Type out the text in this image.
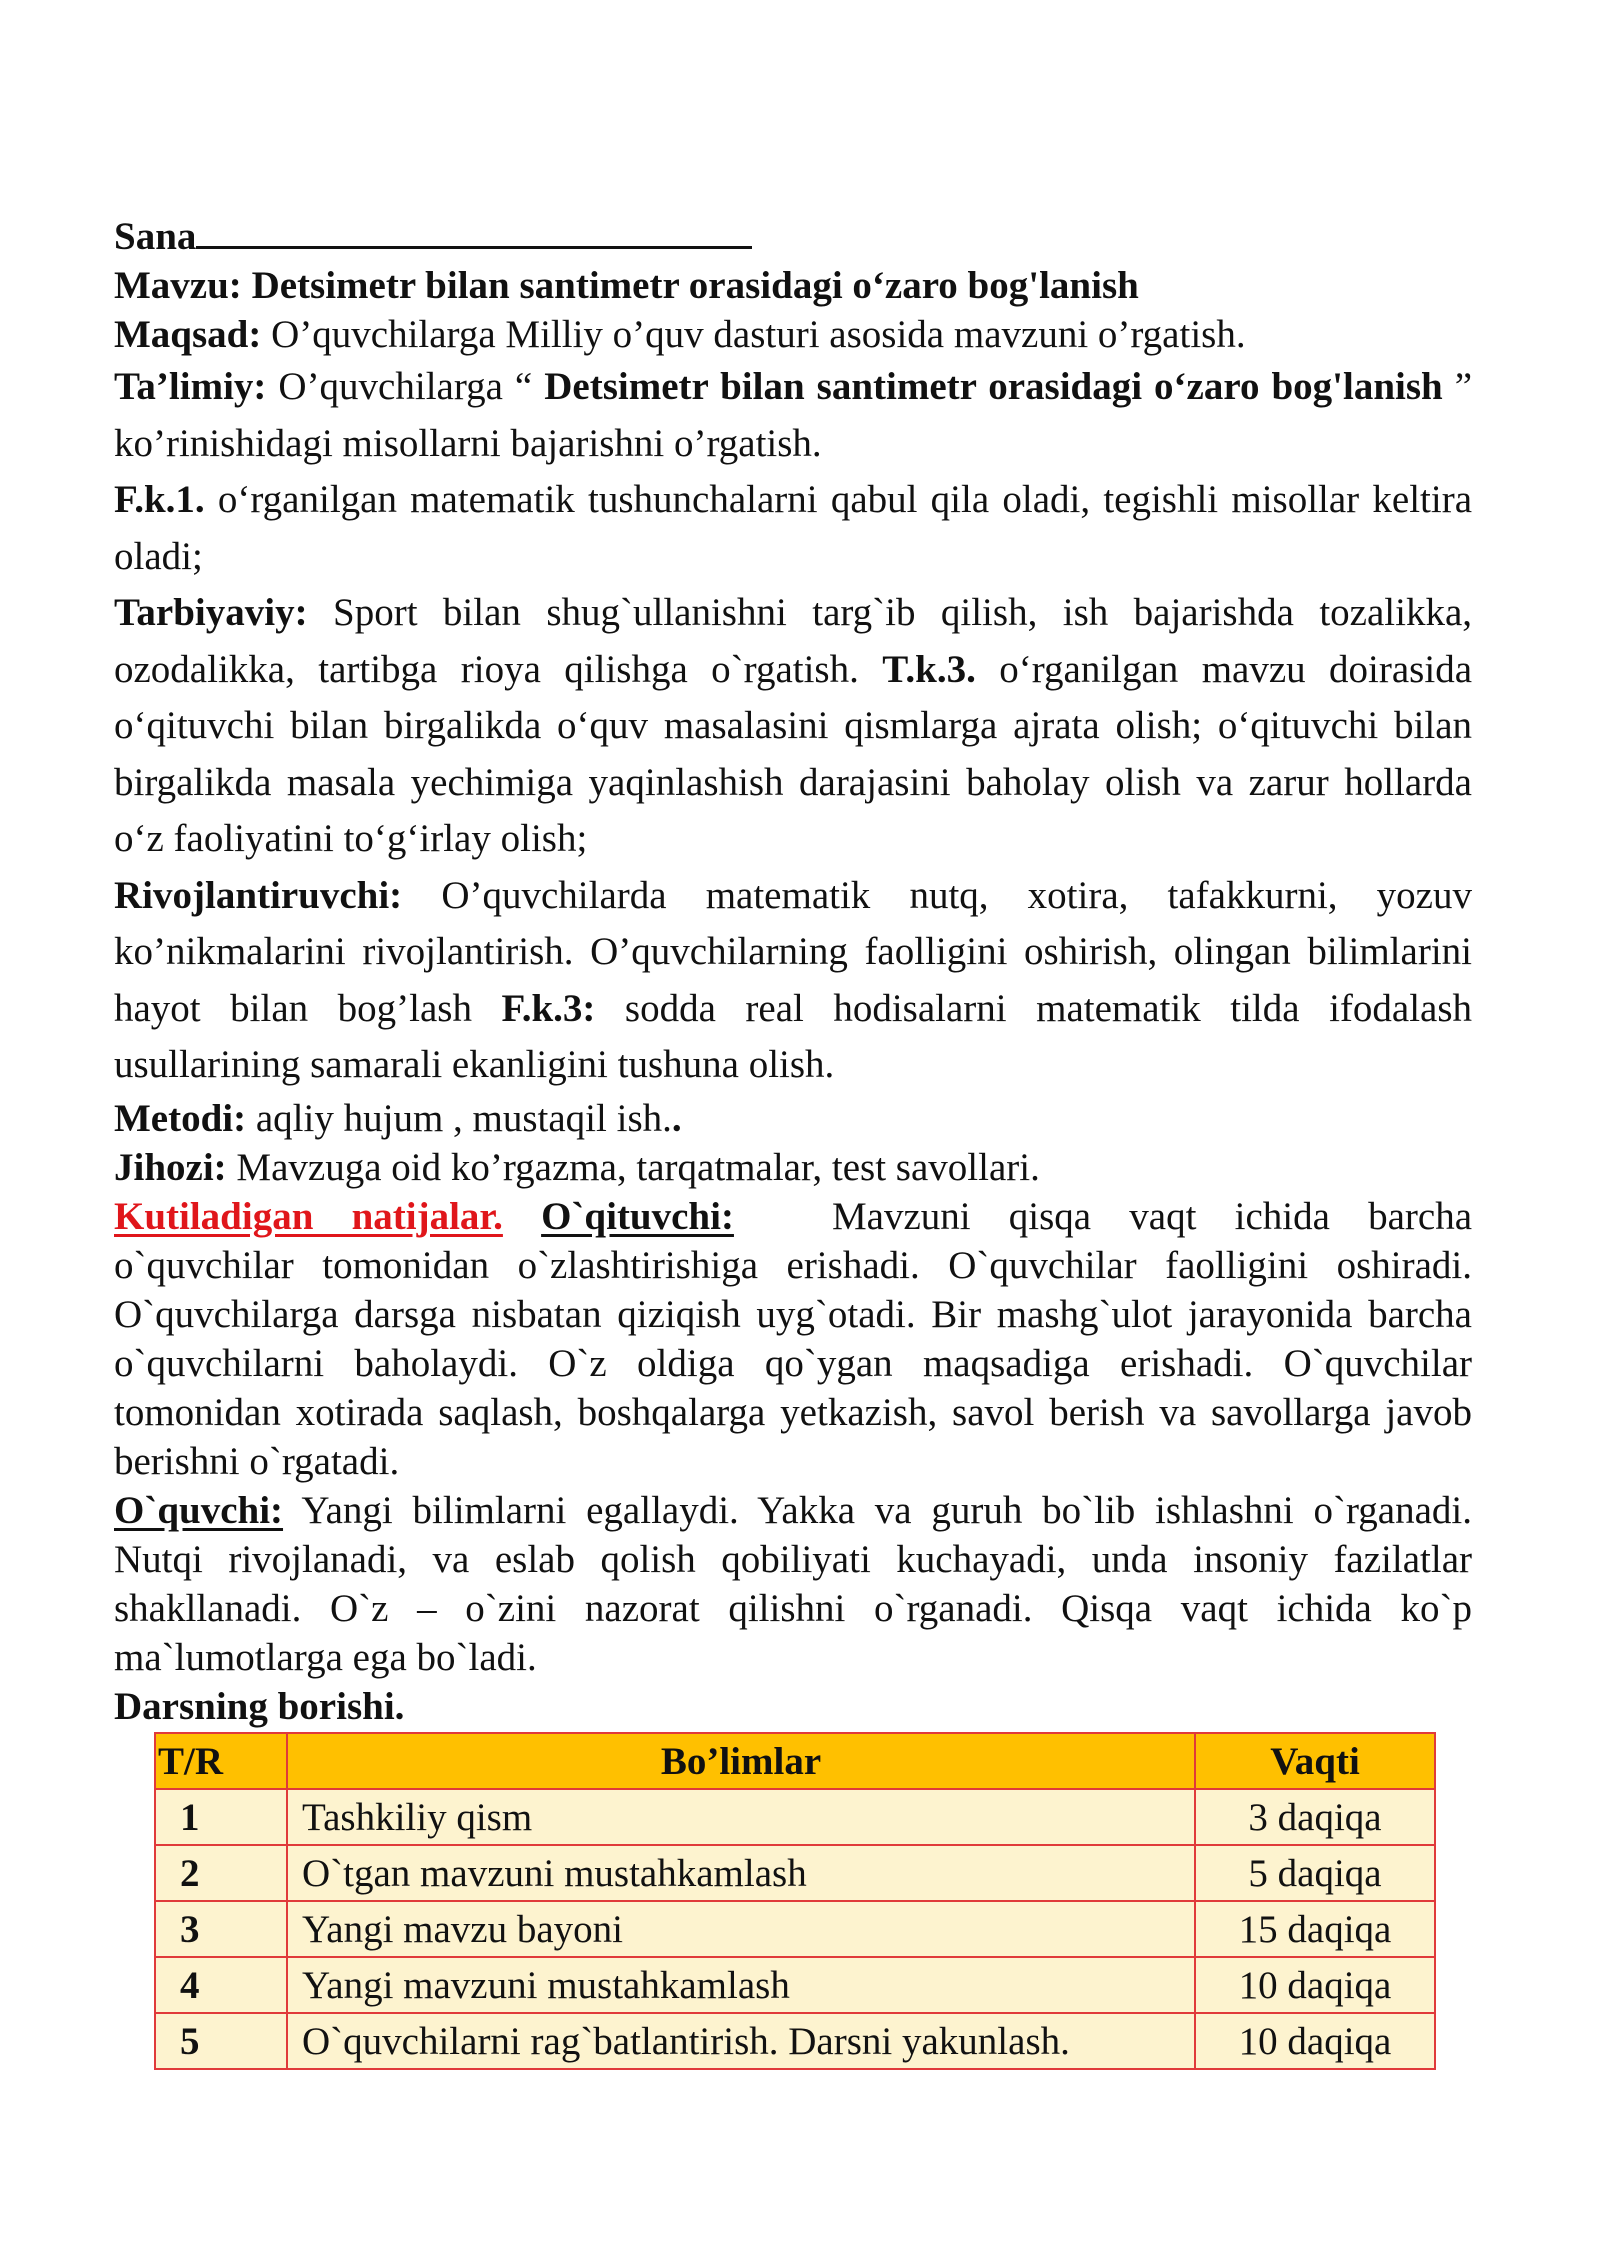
Sana

Mavzu: Detsimetr bilan santimetr orasidagi o‘zaro bog'lanish

Maqsad: O’quvchilarga Milliy o’quv dasturi asosida mavzuni o’rgatish.

Ta’limiy: O’quvchilarga “ Detsimetr bilan santimetr orasidagi o‘zaro bog'lanish ” ko’rinishidagi misollarni bajarishni o’rgatish.

F.k.1. o‘rganilgan matematik tushunchalarni qabul qila oladi, tegishli misollar keltira oladi;

Tarbiyaviy: Sport bilan shug`ullanishni targ`ib qilish, ish bajarishda tozalikka, ozodalikka, tartibga rioya qilishga o`rgatish. T.k.3. o‘rganilgan mavzu doirasida o‘qituvchi bilan birgalikda o‘quv masalasini qismlarga ajrata olish; o‘qituvchi bilan birgalikda masala yechimiga yaqinlashish darajasini baholay olish va zarur hollarda o‘z faoliyatini to‘g‘irlay olish;

Rivojlantiruvchi: O’quvchilarda matematik nutq, xotira, tafakkurni, yozuv ko’nikmalarini rivojlantirish. O’quvchilarning faolligini oshirish, olingan bilimlarini hayot bilan bog’lash F.k.3: sodda real hodisalarni matematik tilda ifodalash usullarining samarali ekanligini tushuna olish.

Metodi: aqliy hujum , mustaqil ish..

Jihozi: Mavzuga oid ko’rgazma, tarqatmalar, test savollari.

Kutiladigan natijalar. O`qituvchi:	Mavzuni qisqa vaqt ichida barcha o`quvchilar tomonidan o`zlashtirishiga erishadi. O`quvchilar faolligini oshiradi. O`quvchilarga darsga nisbatan qiziqish uyg`otadi. Bir mashg`ulot jarayonida barcha o`quvchilarni baholaydi. O`z oldiga qo`ygan maqsadiga erishadi. O`quvchilar tomonidan xotirada saqlash, boshqalarga yetkazish, savol berish va savollarga javob berishni o`rgatadi.

O`quvchi: Yangi bilimlarni egallaydi. Yakka va guruh bo`lib ishlashni o`rganadi. Nutqi rivojlanadi, va eslab qolish qobiliyati kuchayadi, unda insoniy fazilatlar shakllanadi. O`z – o`zini nazorat qilishni o`rganadi. Qisqa vaqt ichida ko`p ma`lumotlarga ega bo`ladi.

Darsning borishi.

T/R	Bo’limlar	Vaqti
1	Tashkiliy qism	3 daqiqa
2	O`tgan mavzuni mustahkamlash	5 daqiqa
3	Yangi mavzu bayoni	15 daqiqa
4	Yangi mavzuni mustahkamlash	10 daqiqa
5	O`quvchilarni rag`batlantirish. Darsni yakunlash.	10 daqiqa
